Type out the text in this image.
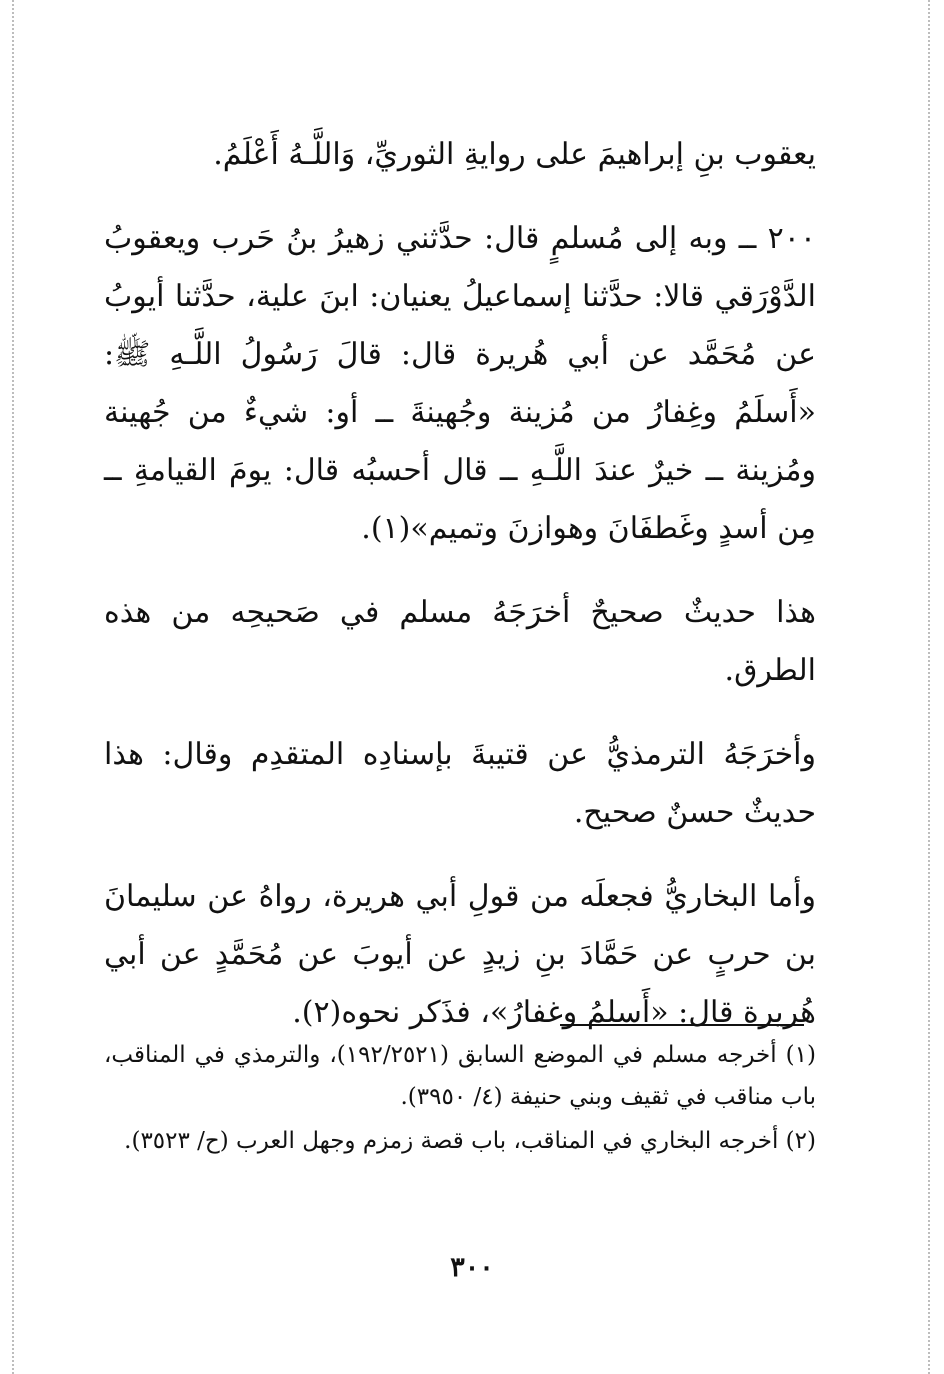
يعقوب بنِ إبراهيمَ على روايةِ الثوريِّ، وَاللَّـهُ أَعْلَمُ.

٢٠٠ ــ وبه إلى مُسلمٍ قال: حدَّثني زهيرُ بنُ حَرب ويعقوبُ الدَّوْرَقي قالا: حدَّثنا إسماعيلُ يعنيان: ابنَ علية، حدَّثنا أيوبُ عن مُحَمَّد عن أبي هُريرة قال: قالَ رَسُولُ اللَّـهِ ﷺ: «أَسلَمُ وغِفارُ من مُزينة وجُهينةَ ــ أو: شيءٌ من جُهينة ومُزينة ــ خيرٌ عندَ اللَّـهِ ــ قال أحسبُه قال: يومَ القيامةِ ــ مِن أسدٍ وغَطفَانَ وهوازنَ وتميم»(١).

هذا حديثٌ صحيحٌ أخرَجَهُ مسلم في صَحيحِه من هذه الطرق.

وأخرَجَهُ الترمذيُّ عن قتيبةَ بإسنادِه المتقدِم وقال: هذا حديثٌ حسنٌ صحيح.

وأما البخاريُّ فجعلَه من قولِ أبي هريرة، رواهُ عن سليمانَ بن حربٍ عن حَمَّادَ بنِ زيدٍ عن أيوبَ عن مُحَمَّدٍ عن أبي هُريرة قال: «أَسلمُ وغفارُ»، فذَكر نحوه(٢).

(١) أخرجه مسلم في الموضع السابق (١٩٢/٢٥٢١)، والترمذي في المناقب، باب مناقب في ثقيف وبني حنيفة (٤/ ٣٩٥٠).

(٢) أخرجه البخاري في المناقب، باب قصة زمزم وجهل العرب (ح/ ٣٥٢٣).

٣٠٠
